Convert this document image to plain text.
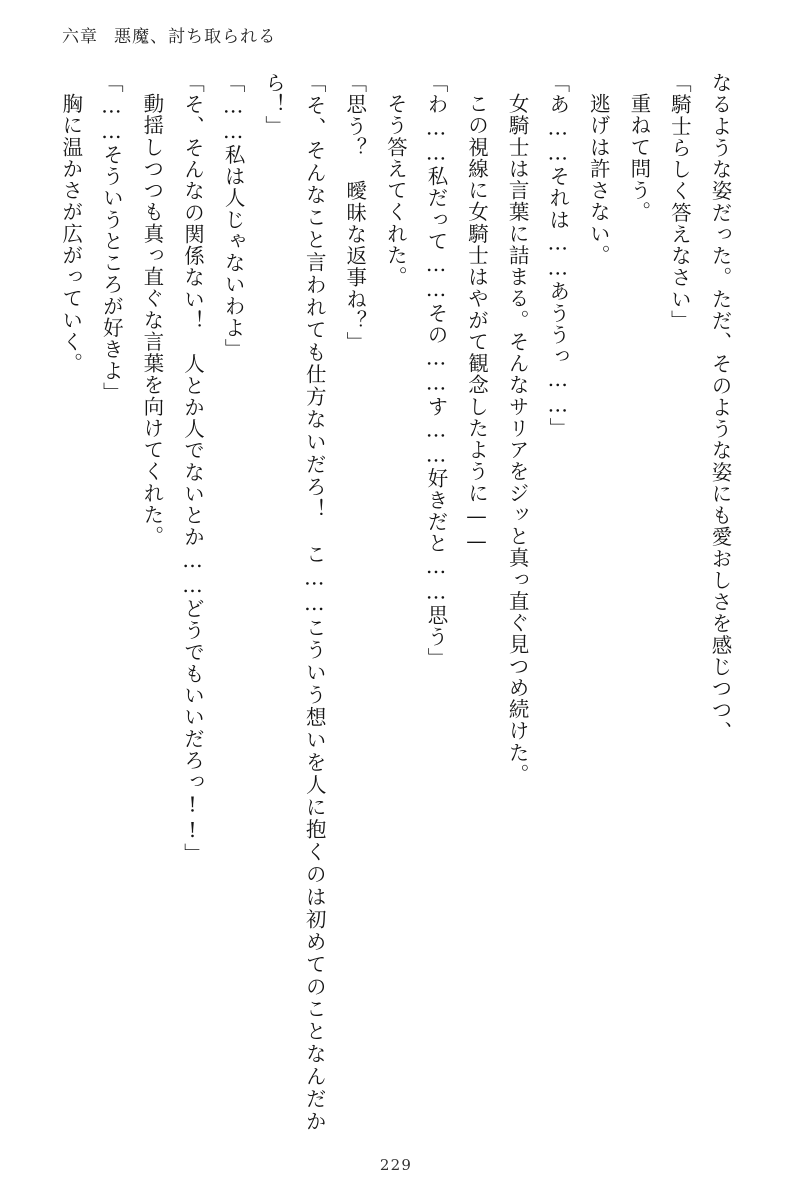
六章 悪魔、討ち取られる

なるような姿だった。ただ、そのような姿にも愛おしさを感じつつ、

「騎士らしく答えなさい」

重ねて問う。

逃げは許さない。

「あ……それは……あううっ……」

女騎士は言葉に詰まる。そんなサリアをジッと真っ直ぐ見つめ続けた。

この視線に女騎士はやがて観念したように——

「わ……私だって……その……す……好きだと……思う」

そう答えてくれた。

「思う？　曖昧な返事ね？」

「そ、そんなこと言われても仕方ないだろ！　こ……こういう想いを人に抱くのは初めてのことなんだから！」

「……私は人じゃないわよ」

「そ、そんなの関係ない！　人とか人でないとか……どうでもいいだろっ!!」

動揺しつつも真っ直ぐな言葉を向けてくれた。

「……そういうところが好きよ」

胸に温かさが広がっていく。

229
